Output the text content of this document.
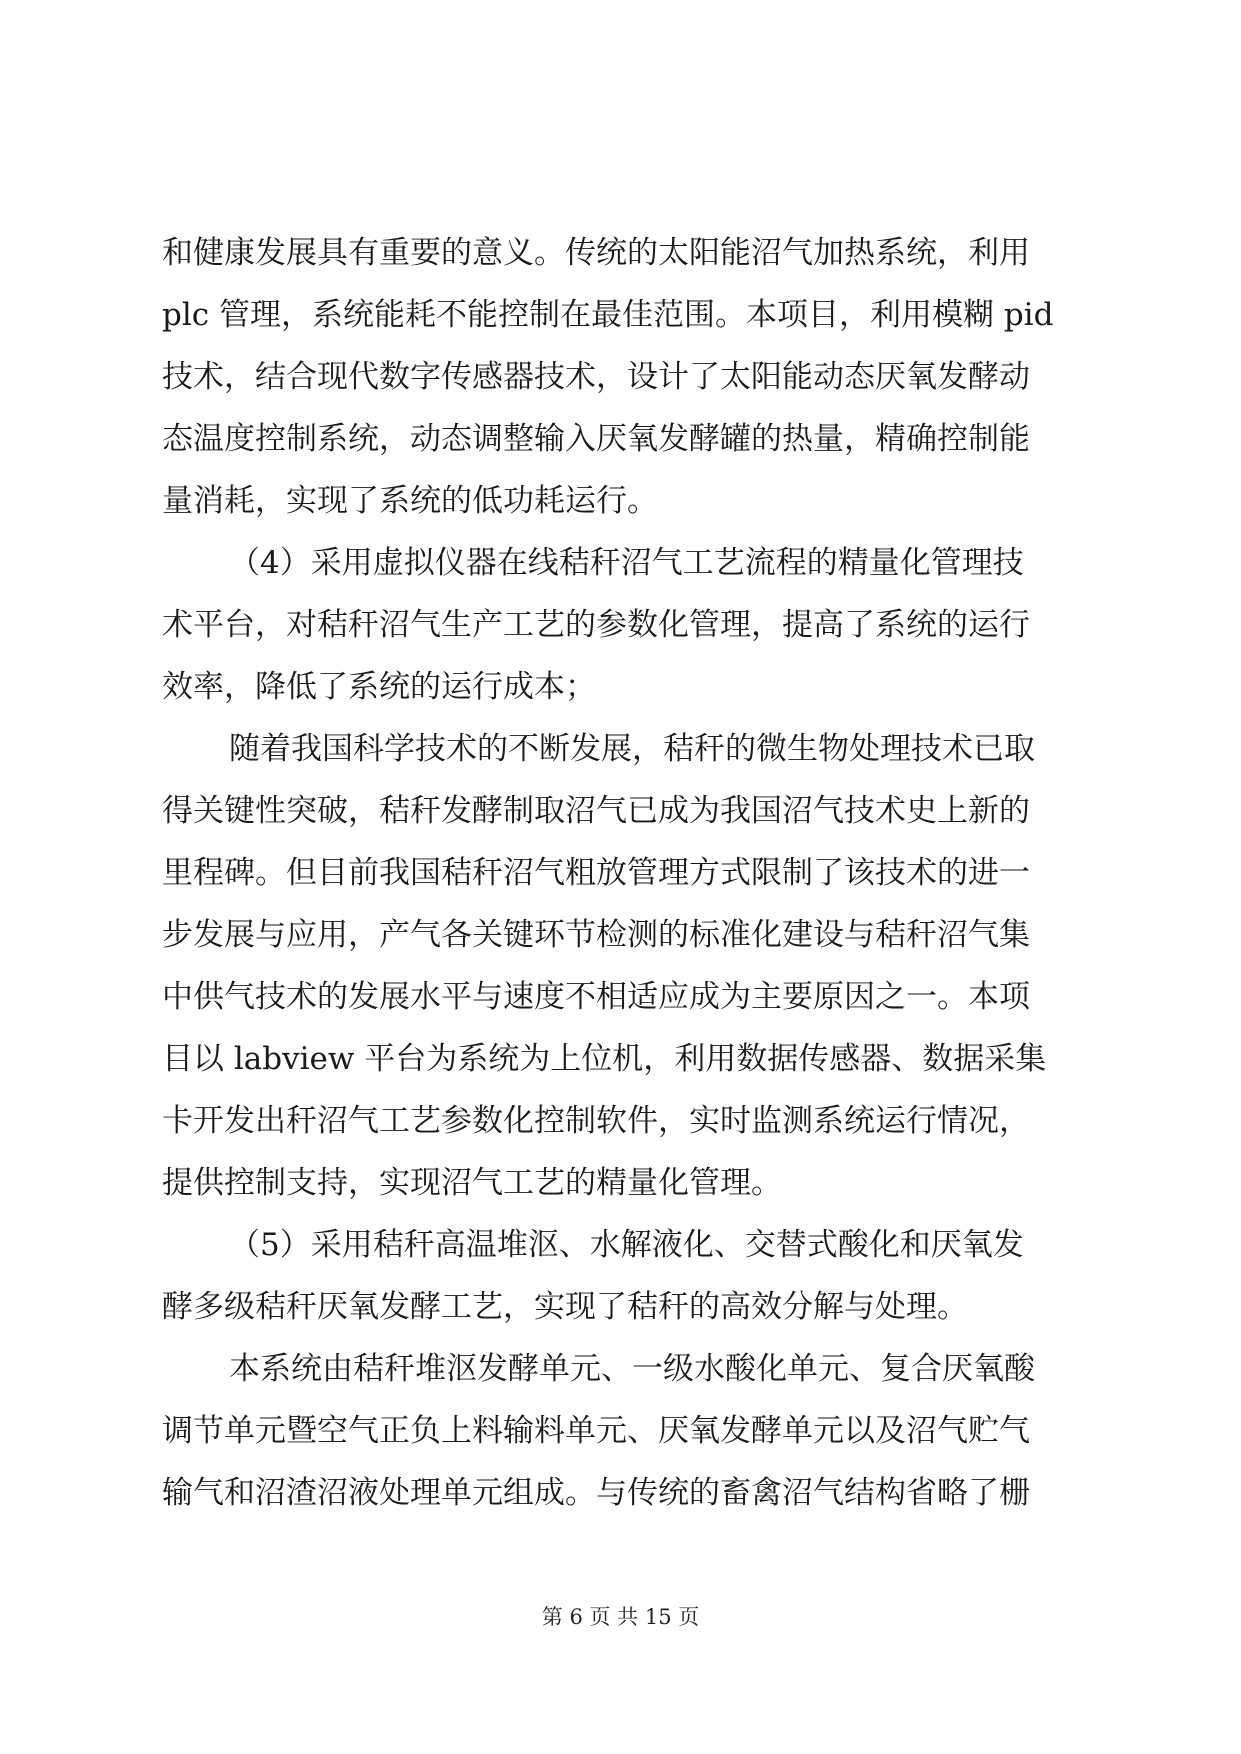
和健康发展具有重要的意义。传统的太阳能沼气加热系统，利用
plc 管理，系统能耗不能控制在最佳范围。本项目，利用模糊 pid
技术，结合现代数字传感器技术，设计了太阳能动态厌氧发酵动
态温度控制系统，动态调整输入厌氧发酵罐的热量，精确控制能
量消耗，实现了系统的低功耗运行。
（4）采用虚拟仪器在线秸秆沼气工艺流程的精量化管理技
术平台，对秸秆沼气生产工艺的参数化管理，提高了系统的运行
效率，降低了系统的运行成本；
随着我国科学技术的不断发展，秸秆的微生物处理技术已取
得关键性突破，秸秆发酵制取沼气已成为我国沼气技术史上新的
里程碑。但目前我国秸秆沼气粗放管理方式限制了该技术的进一
步发展与应用，产气各关键环节检测的标准化建设与秸秆沼气集
中供气技术的发展水平与速度不相适应成为主要原因之一。本项
目以 labview 平台为系统为上位机，利用数据传感器、数据采集
卡开发出秆沼气工艺参数化控制软件，实时监测系统运行情况，
提供控制支持，实现沼气工艺的精量化管理。
（5）采用秸秆高温堆沤、水解液化、交替式酸化和厌氧发
酵多级秸秆厌氧发酵工艺，实现了秸秆的高效分解与处理。
本系统由秸秆堆沤发酵单元、一级水酸化单元、复合厌氧酸
调节单元暨空气正负上料输料单元、厌氧发酵单元以及沼气贮气
输气和沼渣沼液处理单元组成。与传统的畜禽沼气结构省略了栅
第 6 页 共 15 页
